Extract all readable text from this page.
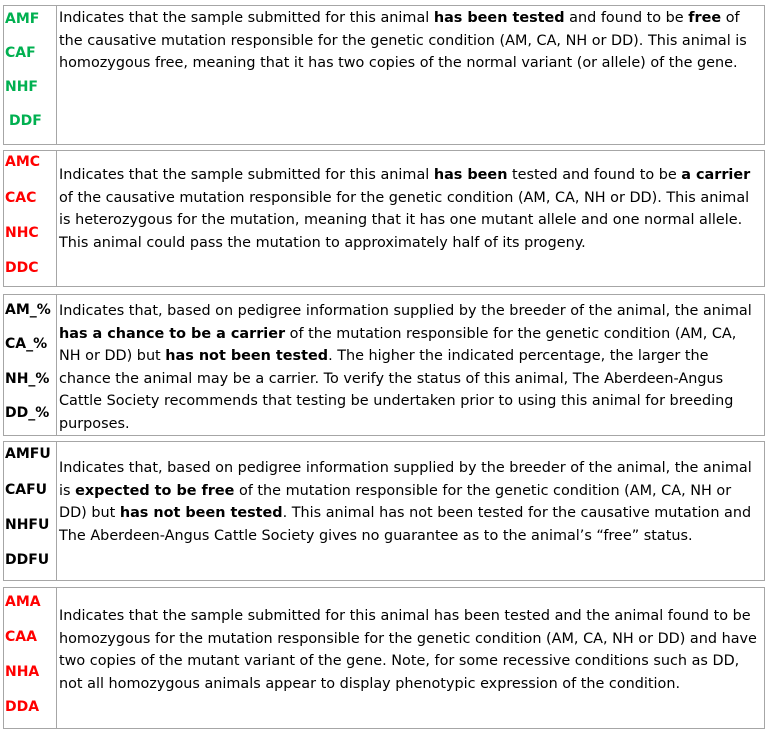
AMF
CAF
NHF
DDF
Indicates that the sample submitted for this animal has been tested and found to be free of the causative mutation responsible for the genetic condition (AM, CA, NH or DD). This animal is homozygous free, meaning that it has two copies of the normal variant (or allele) of the gene.
AMC
CAC
NHC
DDC
Indicates that the sample submitted for this animal has been tested and found to be a carrier of the causative mutation responsible for the genetic condition (AM, CA, NH or DD). This animal is heterozygous for the mutation, meaning that it has one mutant allele and one normal allele. This animal could pass the mutation to approximately half of its progeny.
AM_%
CA_%
NH_%
DD_%
Indicates that, based on pedigree information supplied by the breeder of the animal, the animal has a chance to be a carrier of the mutation responsible for the genetic condition (AM, CA, NH or DD) but has not been tested. The higher the indicated percentage, the larger the chance the animal may be a carrier. To verify the status of this animal, The Aberdeen-Angus Cattle Society recommends that testing be undertaken prior to using this animal for breeding purposes.
AMFU
CAFU
NHFU
DDFU
Indicates that, based on pedigree information supplied by the breeder of the animal, the animal is expected to be free of the mutation responsible for the genetic condition (AM, CA, NH or DD) but has not been tested. This animal has not been tested for the causative mutation and The Aberdeen-Angus Cattle Society gives no guarantee as to the animal’s “free” status.
AMA
CAA
NHA
DDA
Indicates that the sample submitted for this animal has been tested and the animal found to be homozygous for the mutation responsible for the genetic condition (AM, CA, NH or DD) and have two copies of the mutant variant of the gene. Note, for some recessive conditions such as DD, not all homozygous animals appear to display phenotypic expression of the condition.
